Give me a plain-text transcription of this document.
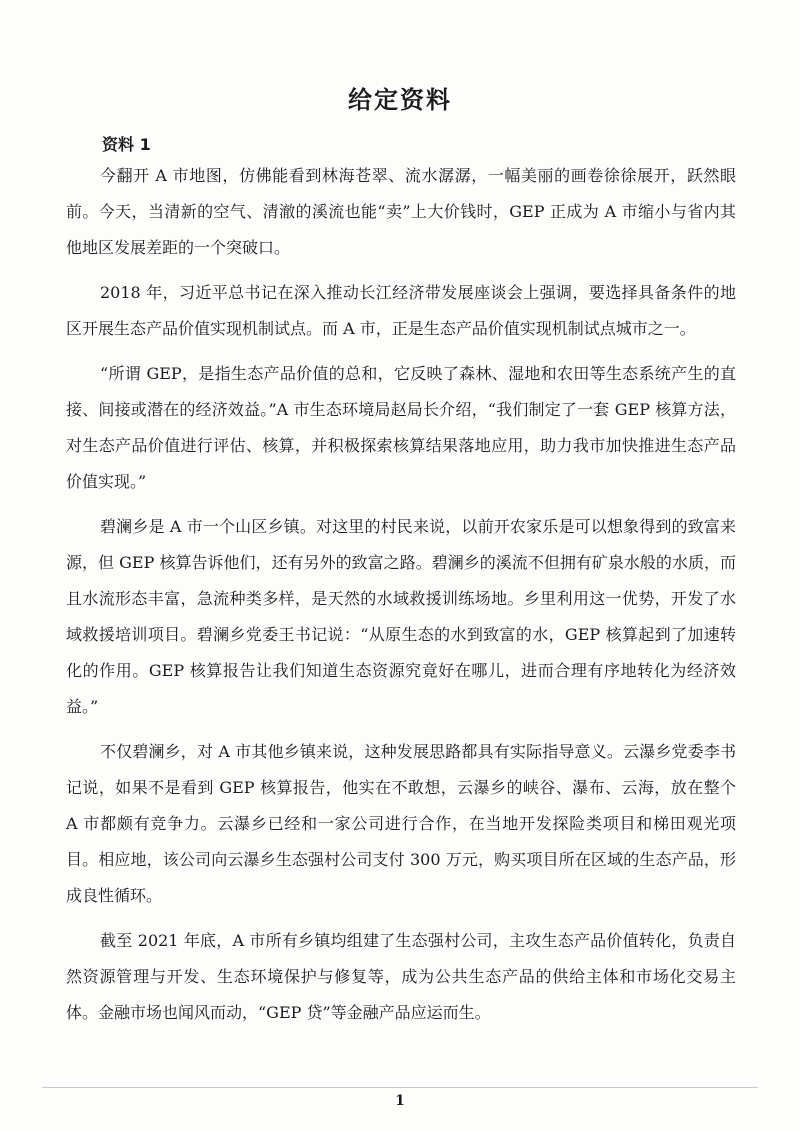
给定资料
资料 1

今翻开 A 市地图，仿佛能看到林海苍翠、流水潺潺，一幅美丽的画卷徐徐展开，跃然眼前。今天，当清新的空气、清澈的溪流也能“卖”上大价钱时，GEP 正成为 A 市缩小与省内其他地区发展差距的一个突破口。

2018 年，习近平总书记在深入推动长江经济带发展座谈会上强调，要选择具备条件的地区开展生态产品价值实现机制试点。而 A 市，正是生态产品价值实现机制试点城市之一。

“所谓 GEP，是指生态产品价值的总和，它反映了森林、湿地和农田等生态系统产生的直接、间接或潜在的经济效益。”A 市生态环境局赵局长介绍，“我们制定了一套 GEP 核算方法，对生态产品价值进行评估、核算，并积极探索核算结果落地应用，助力我市加快推进生态产品价值实现。”

碧澜乡是 A 市一个山区乡镇。对这里的村民来说，以前开农家乐是可以想象得到的致富来源，但 GEP 核算告诉他们，还有另外的致富之路。碧澜乡的溪流不但拥有矿泉水般的水质，而且水流形态丰富，急流种类多样，是天然的水域救援训练场地。乡里利用这一优势，开发了水域救援培训项目。碧澜乡党委王书记说：“从原生态的水到致富的水，GEP 核算起到了加速转化的作用。GEP 核算报告让我们知道生态资源究竟好在哪儿，进而合理有序地转化为经济效益。”

不仅碧澜乡，对 A 市其他乡镇来说，这种发展思路都具有实际指导意义。云瀑乡党委李书记说，如果不是看到 GEP 核算报告，他实在不敢想，云瀑乡的峡谷、瀑布、云海，放在整个 A 市都颇有竞争力。云瀑乡已经和一家公司进行合作，在当地开发探险类项目和梯田观光项目。相应地，该公司向云瀑乡生态强村公司支付 300 万元，购买项目所在区域的生态产品，形成良性循环。

截至 2021 年底，A 市所有乡镇均组建了生态强村公司，主攻生态产品价值转化，负责自然资源管理与开发、生态环境保护与修复等，成为公共生态产品的供给主体和市场化交易主体。金融市场也闻风而动，“GEP 贷”等金融产品应运而生。

1
